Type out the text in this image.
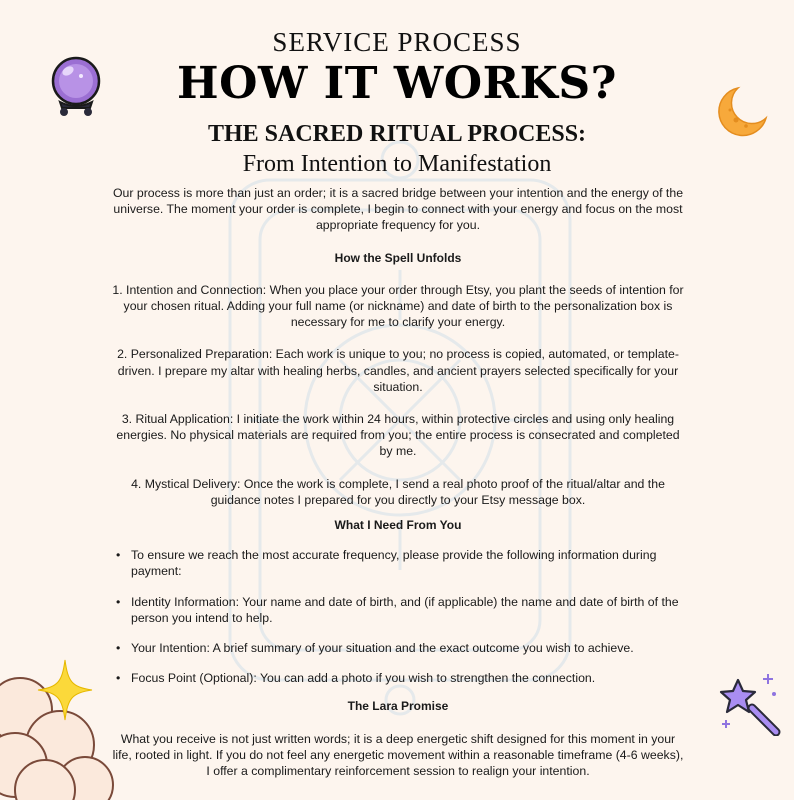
SERVICE PROCESS
HOW IT WORKS?
THE SACRED RITUAL PROCESS:
From Intention to Manifestation

Our process is more than just an order; it is a sacred bridge between your intention and the energy of the universe. The moment your order is complete, I begin to connect with your energy and focus on the most appropriate frequency for you.

How the Spell Unfolds

1. Intention and Connection: When you place your order through Etsy, you plant the seeds of intention for your chosen ritual. Adding your full name (or nickname) and date of birth to the personalization box is necessary for me to clarify your energy.

2. Personalized Preparation: Each work is unique to you; no process is copied, automated, or template-driven. I prepare my altar with healing herbs, candles, and ancient prayers selected specifically for your situation.

3. Ritual Application: I initiate the work within 24 hours, within protective circles and using only healing energies. No physical materials are required from you; the entire process is consecrated and completed by me.

4. Mystical Delivery: Once the work is complete, I send a real photo proof of the ritual/altar and the guidance notes I prepared for you directly to your Etsy message box.

What I Need From You

• To ensure we reach the most accurate frequency, please provide the following information during payment:
• Identity Information: Your name and date of birth, and (if applicable) the name and date of birth of the person you intend to help.
• Your Intention: A brief summary of your situation and the exact outcome you wish to achieve.
• Focus Point (Optional): You can add a photo if you wish to strengthen the connection.

The Lara Promise

What you receive is not just written words; it is a deep energetic shift designed for this moment in your life, rooted in light. If you do not feel any energetic movement within a reasonable timeframe (4-6 weeks), I offer a complimentary reinforcement session to realign your intention.
